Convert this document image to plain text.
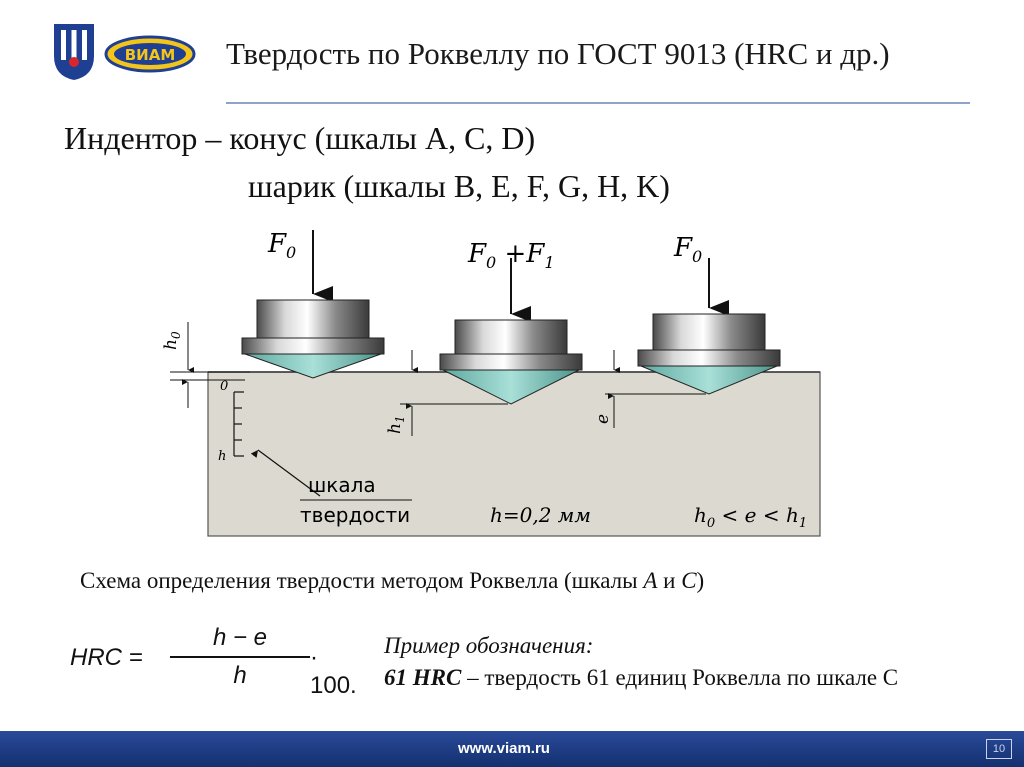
ВИАМ Твердость по Роквеллу по ГОСТ 9013 (HRC и др.)
Индентор – конус (шкалы A, C, D)
шарик (шкалы B, E, F, G, H, K)
$h_0$
0
h
шкала
твердости
$h_1$	e
$F_0$	$F_0 +F_1$	$F_0$
h=0,2 мм	$h_0 < e < h_1$
Схема определения твердости методом Роквелла (шкалы A и C)
HRC =
h − e
h
· 100.
Пример обозначения:
61 HRC – твердость 61 единиц Роквелла по шкале С
www.viam.ru	10
